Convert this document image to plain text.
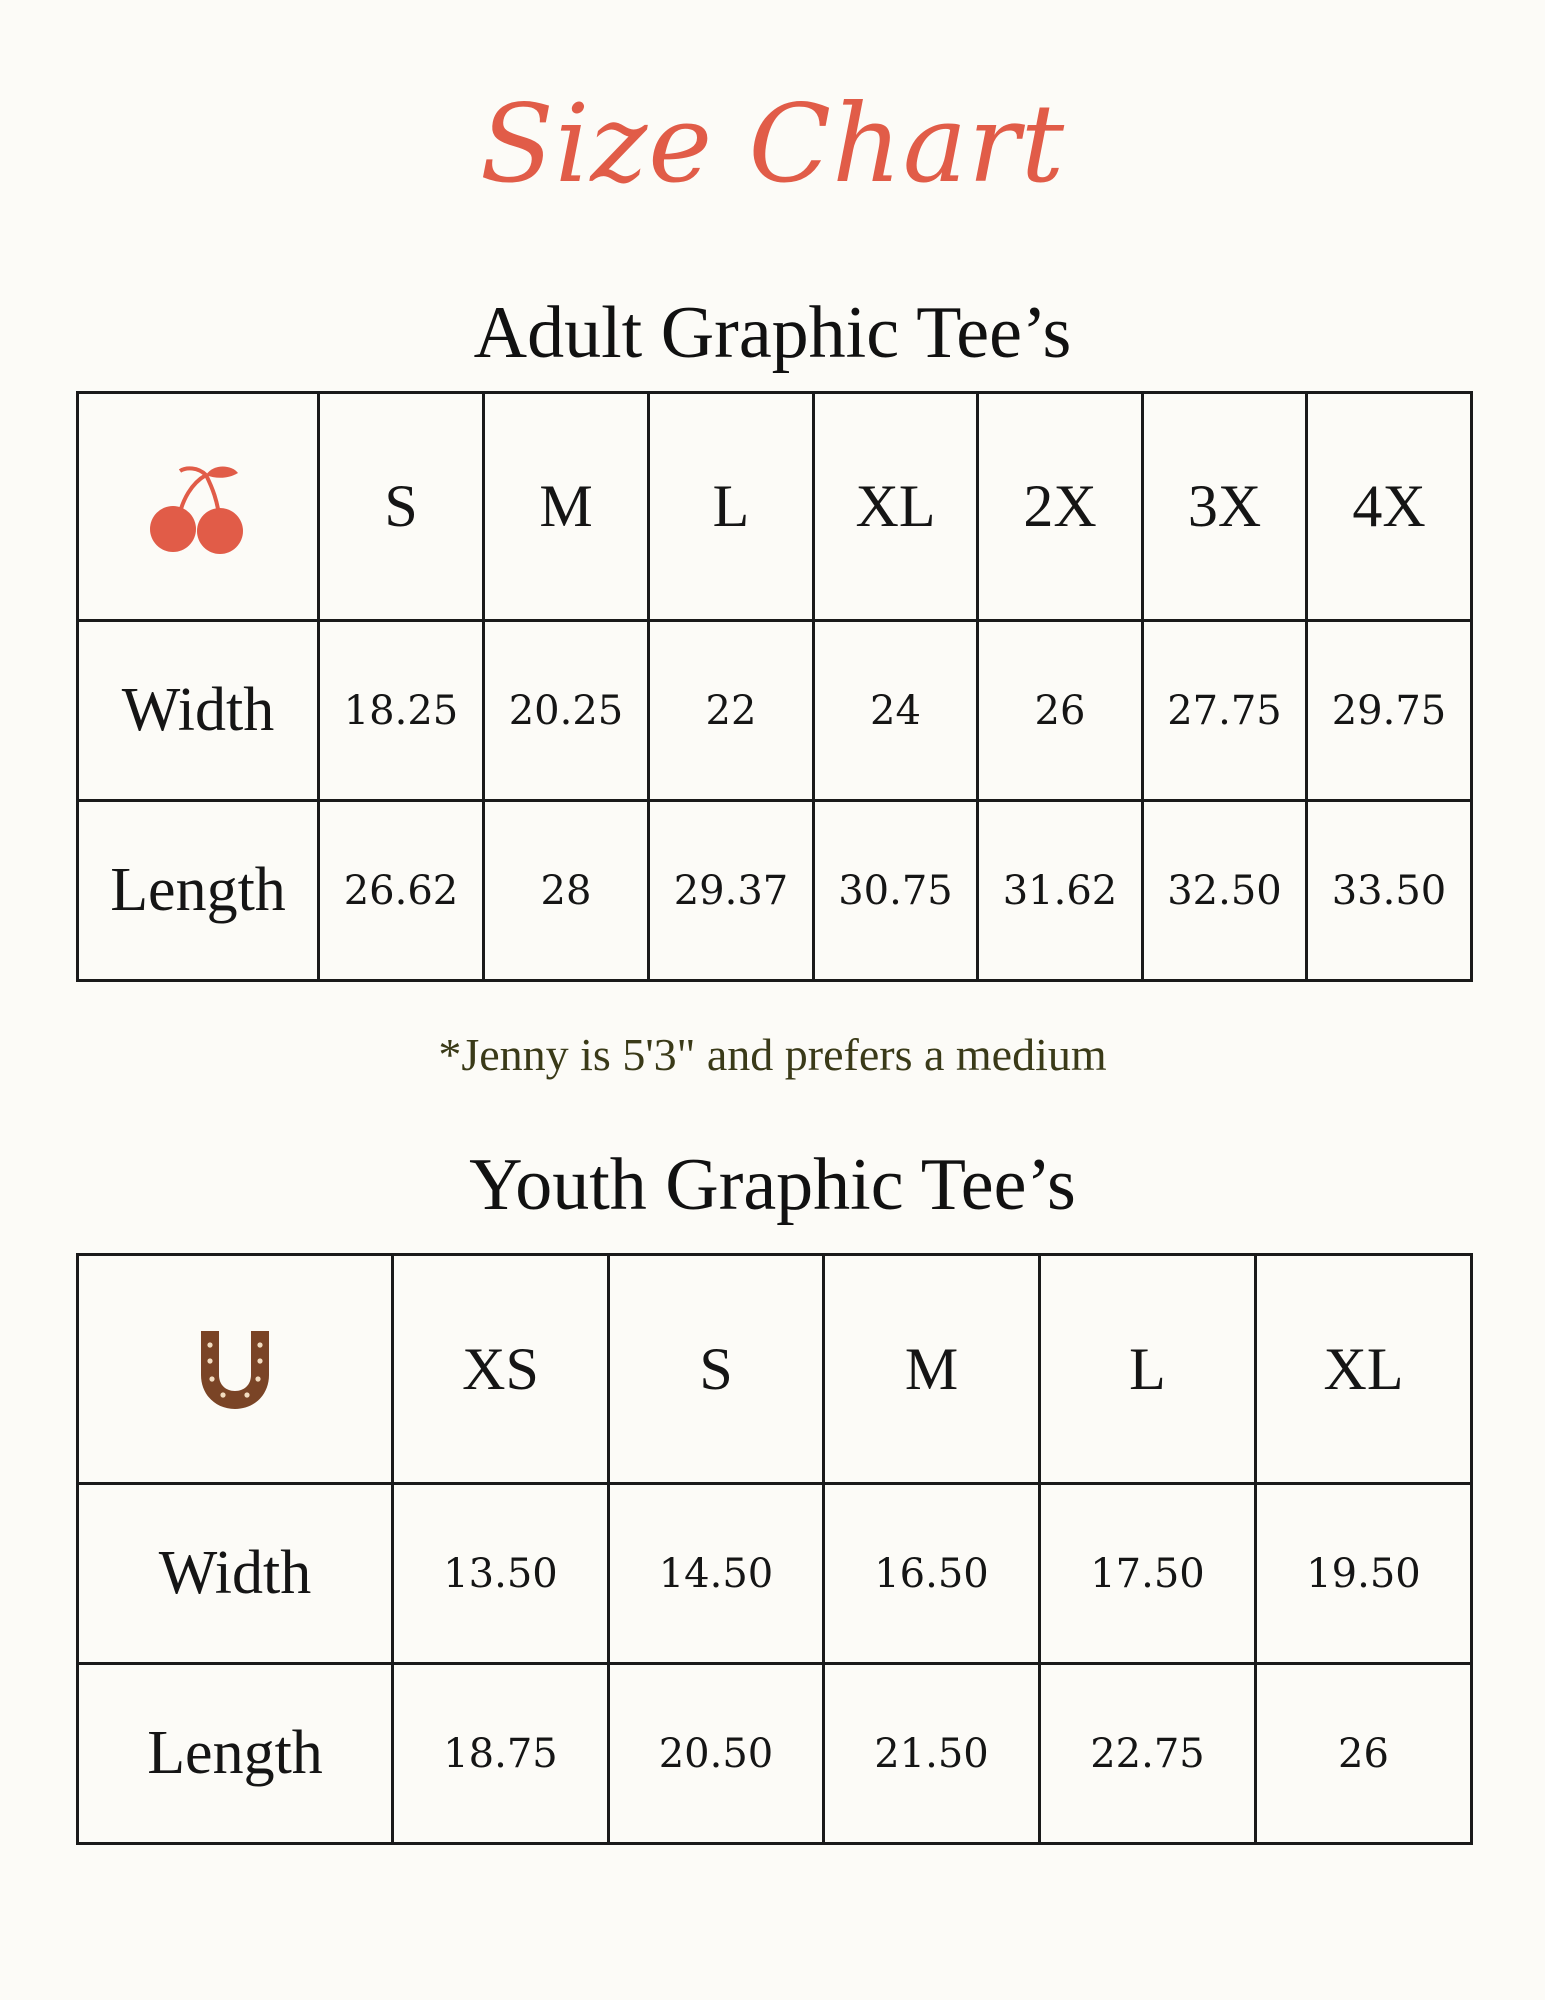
Size Chart
Adult Graphic Tee’s
	S	M	L	XL	2X	3X	4X
Width	18.25	20.25	22	24	26	27.75	29.75
Length	26.62	28	29.37	30.75	31.62	32.50	33.50
*Jenny is 5'3" and prefers a medium
Youth Graphic Tee’s
	XS	S	M	L	XL
Width	13.50	14.50	16.50	17.50	19.50
Length	18.75	20.50	21.50	22.75	26
